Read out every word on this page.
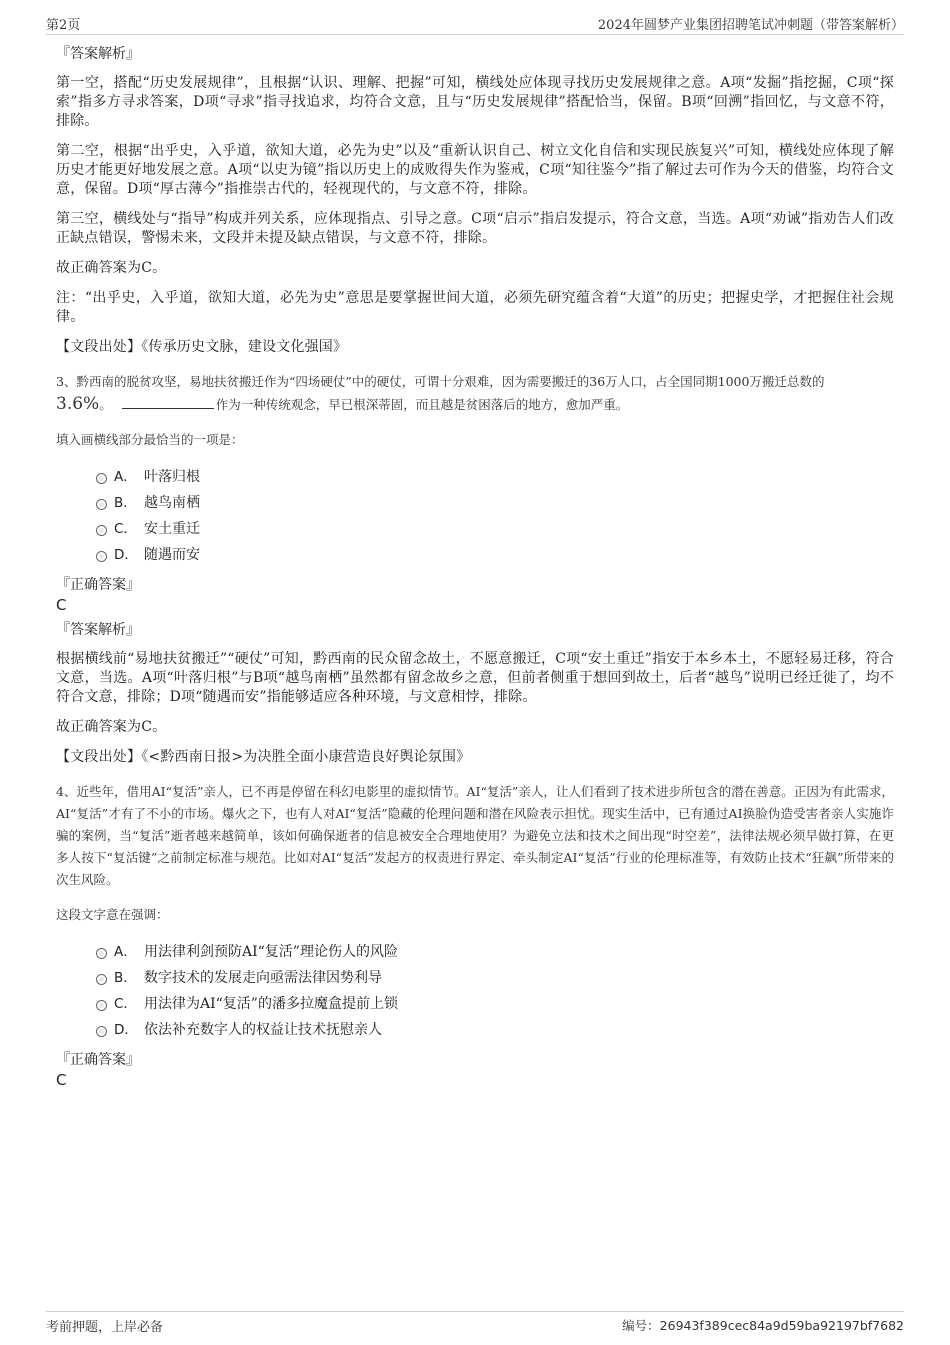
第2页	2024年圆梦产业集团招聘笔试冲刺题（带答案解析）

『答案解析』

第一空，搭配“历史发展规律”，且根据“认识、理解、把握”可知，横线处应体现寻找历史发展规律之意。A项“发掘”指挖掘，C项“探索”指多方寻求答案，D项“寻求”指寻找追求，均符合文意，且与“历史发展规律”搭配恰当，保留。B项“回溯”指回忆，与文意不符，排除。

第二空，根据“出乎史，入乎道，欲知大道，必先为史”以及“重新认识自己、树立文化自信和实现民族复兴”可知，横线处应体现了解历史才能更好地发展之意。A项“以史为镜”指以历史上的成败得失作为鉴戒，C项“知往鉴今”指了解过去可作为今天的借鉴，均符合文意，保留。D项“厚古薄今”指推崇古代的，轻视现代的，与文意不符，排除。

第三空，横线处与“指导”构成并列关系，应体现指点、引导之意。C项“启示”指启发提示，符合文意，当选。A项“劝诫”指劝告人们改正缺点错误，警惕未来，文段并未提及缺点错误，与文意不符，排除。

故正确答案为C。

注：“出乎史，入乎道，欲知大道，必先为史”意思是要掌握世间大道，必须先研究蕴含着“大道”的历史；把握史学，才把握住社会规律。

【文段出处】《传承历史文脉，建设文化强国》

3、黔西南的脱贫攻坚，易地扶贫搬迁作为“四场硬仗”中的硬仗，可谓十分艰难，因为需要搬迁的36万人口，占全国同期1000万搬迁总数的
3.6%。	作为一种传统观念，早已根深蒂固，而且越是贫困落后的地方，愈加严重。

填入画横线部分最恰当的一项是：

A． 叶落归根
B． 越鸟南栖
C． 安土重迁
D． 随遇而安

『正确答案』

C

『答案解析』

根据横线前“易地扶贫搬迁”“硬仗”可知，黔西南的民众留念故土，不愿意搬迁，C项“安土重迁”指安于本乡本土，不愿轻易迁移，符合文意，当选。A项“叶落归根”与B项“越鸟南栖”虽然都有留念故乡之意，但前者侧重于想回到故土，后者“越鸟”说明已经迁徙了，均不符合文意，排除；D项“随遇而安”指能够适应各种环境，与文意相悖，排除。

故正确答案为C。

【文段出处】《<黔西南日报>为决胜全面小康营造良好舆论氛围》

4、近些年，借用AI“复活”亲人，已不再是停留在科幻电影里的虚拟情节。AI“复活”亲人，让人们看到了技术进步所包含的潜在善意。正因为有此需求，AI“复活”才有了不小的市场。爆火之下，也有人对AI“复活”隐藏的伦理问题和潜在风险表示担忧。现实生活中，已有通过AI换脸伪造受害者亲人实施诈骗的案例，当“复活”逝者越来越简单，该如何确保逝者的信息被安全合理地使用？为避免立法和技术之间出现“时空差”，法律法规必须早做打算，在更多人按下“复活键”之前制定标准与规范。比如对AI“复活”发起方的权责进行界定、牵头制定AI“复活”行业的伦理标准等，有效防止技术“狂飙”所带来的次生风险。

这段文字意在强调：

A． 用法律利剑预防AI“复活”理论伤人的风险
B． 数字技术的发展走向亟需法律因势利导
C． 用法律为AI“复活”的潘多拉魔盒提前上锁
D． 依法补充数字人的权益让技术抚慰亲人

『正确答案』

C

考前押题，上岸必备	编号：26943f389cec84a9d59ba92197bf7682
